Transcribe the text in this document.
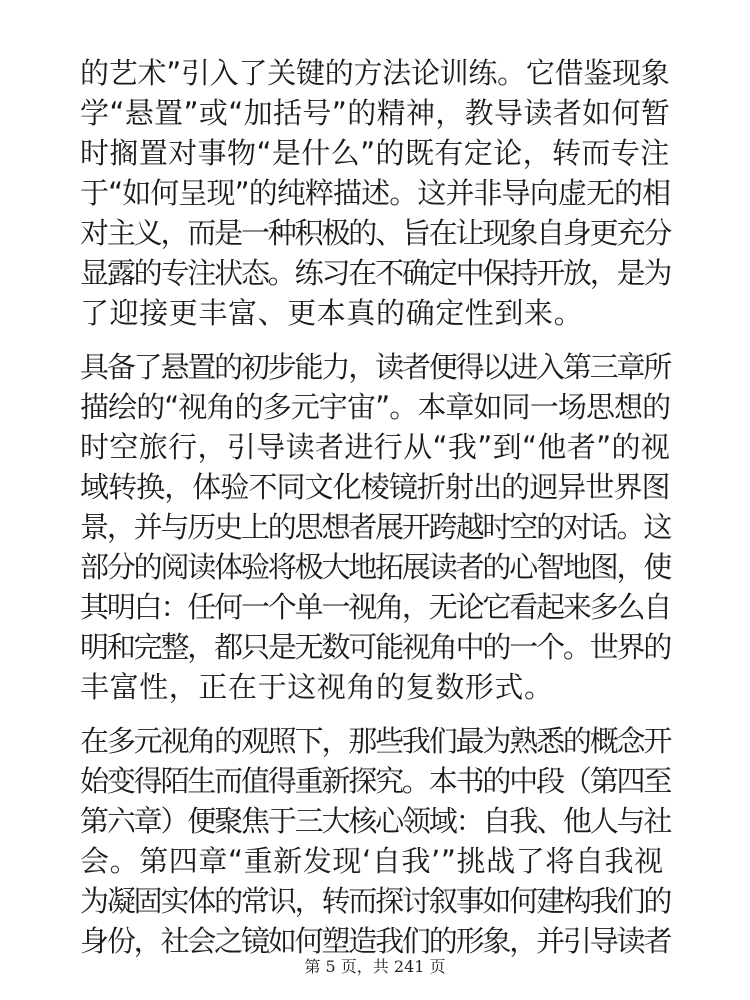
的艺术”引入了关键的方法论训练。它借鉴现象
学“悬置”或“加括号”的精神，教导读者如何暂
时搁置对事物“是什么”的既有定论，转而专注
于“如何呈现”的纯粹描述。这并非导向虚无的相
对主义，而是一种积极的、旨在让现象自身更充分
显露的专注状态。练习在不确定中保持开放，是为
了迎接更丰富、更本真的确定性到来。
具备了悬置的初步能力，读者便得以进入第三章所
描绘的“视角的多元宇宙”。本章如同一场思想的
时空旅行，引导读者进行从“我”到“他者”的视
域转换，体验不同文化棱镜折射出的迥异世界图
景，并与历史上的思想者展开跨越时空的对话。这
部分的阅读体验将极大地拓展读者的心智地图，使
其明白：任何一个单一视角，无论它看起来多么自
明和完整，都只是无数可能视角中的一个。世界的
丰富性，正在于这视角的复数形式。
在多元视角的观照下，那些我们最为熟悉的概念开
始变得陌生而值得重新探究。本书的中段（第四至
第六章）便聚焦于三大核心领域：自我、他人与社
会。第四章“重新发现‘自我’”挑战了将自我视
为凝固实体的常识，转而探讨叙事如何建构我们的
身份，社会之镜如何塑造我们的形象，并引导读者
第 5 页，共 241 页
